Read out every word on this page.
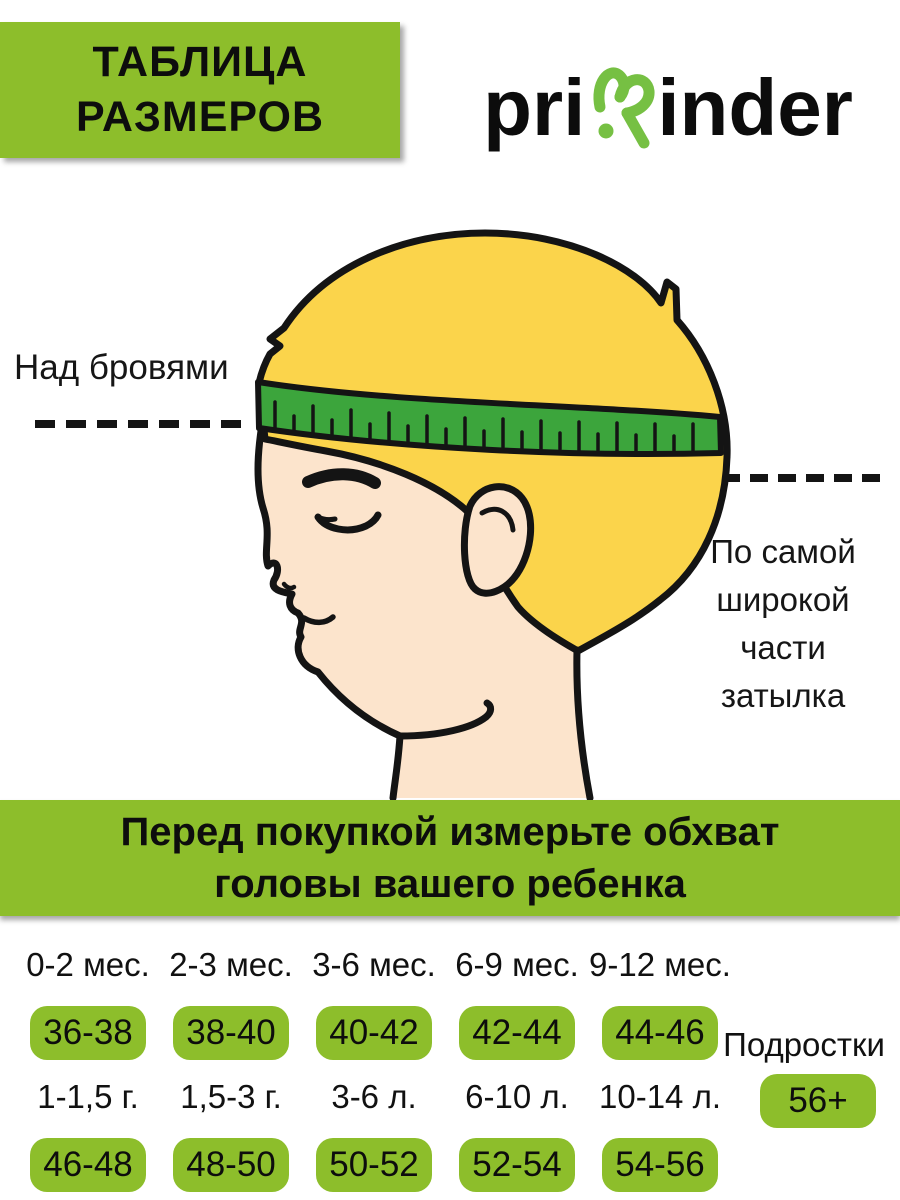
ТАБЛИЦА
РАЗМЕРОВ pri inder
Над бровями
По самой
широкой
части
затылка
Перед покупкой измерьте обхват
головы вашего ребенка
0-2 мес. 2-3 мес. 3-6 мес. 6-9 мес. 9-12 мес.
36-38	38-40	40-42	42-44	44-46
1-1,5 г.	1,5-3 г.	3-6 л.	6-10 л. 10-14 л.
46-48	48-50	50-52	52-54	54-56
Подростки
56+
